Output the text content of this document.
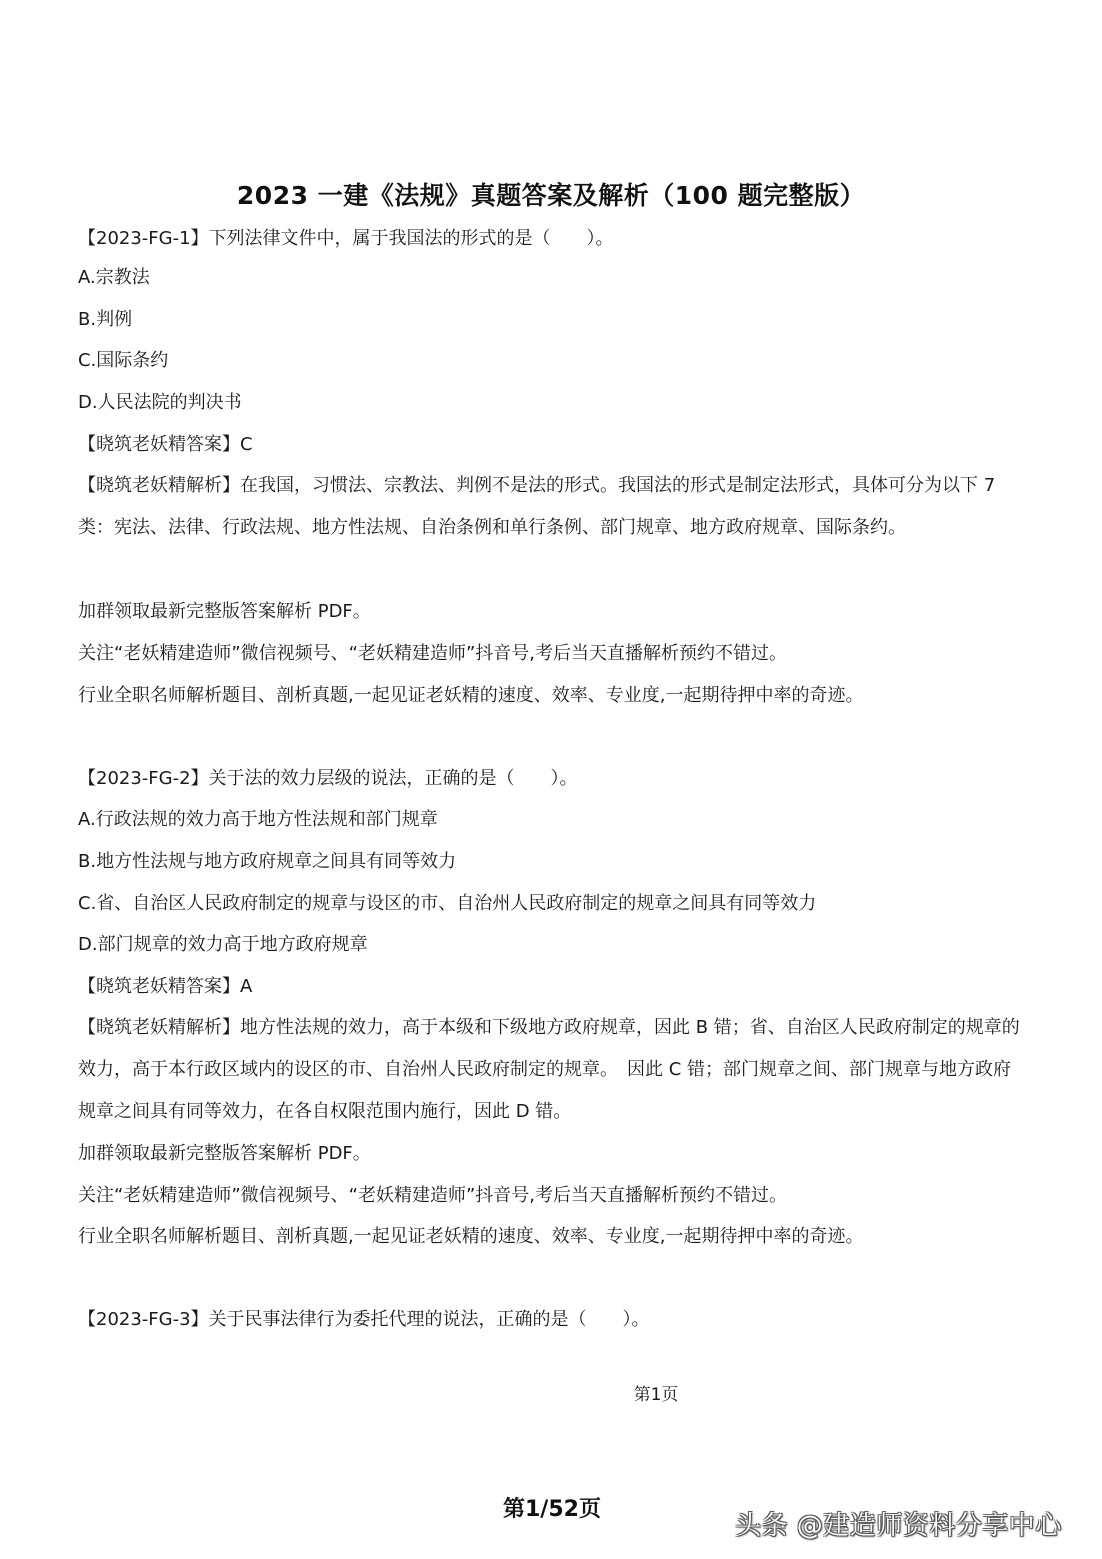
2023 一建《法规》真题答案及解析（100 题完整版）
【2023-FG-1】下列法律文件中，属于我国法的形式的是（　　）。
A.宗教法
B.判例
C.国际条约
D.人民法院的判决书
【晓筑老妖精答案】C
【晓筑老妖精解析】在我国，习惯法、宗教法、判例不是法的形式。我国法的形式是制定法形式，具体可分为以下 7 类：宪法、法律、行政法规、地方性法规、自治条例和单行条例、部门规章、地方政府规章、国际条约。
加群领取最新完整版答案解析 PDF。
关注“老妖精建造师”微信视频号、“老妖精建造师”抖音号,考后当天直播解析预约不错过。
行业全职名师解析题目、剖析真题,一起见证老妖精的速度、效率、专业度,一起期待押中率的奇迹。
【2023-FG-2】关于法的效力层级的说法，正确的是（　　）。
A.行政法规的效力高于地方性法规和部门规章
B.地方性法规与地方政府规章之间具有同等效力
C.省、自治区人民政府制定的规章与设区的市、自治州人民政府制定的规章之间具有同等效力
D.部门规章的效力高于地方政府规章
【晓筑老妖精答案】A
【晓筑老妖精解析】地方性法规的效力，高于本级和下级地方政府规章，因此 B 错；省、自治区人民政府制定的规章的效力，高于本行政区域内的设区的市、自治州人民政府制定的规章。　因此 C 错；部门规章之间、部门规章与地方政府规章之间具有同等效力，在各自权限范围内施行，因此 D 错。
加群领取最新完整版答案解析 PDF。
关注“老妖精建造师”微信视频号、“老妖精建造师”抖音号,考后当天直播解析预约不错过。
行业全职名师解析题目、剖析真题,一起见证老妖精的速度、效率、专业度,一起期待押中率的奇迹。
【2023-FG-3】关于民事法律行为委托代理的说法，正确的是（　　）。
第1页
第1/52页
头条 @建造师资料分享中心
